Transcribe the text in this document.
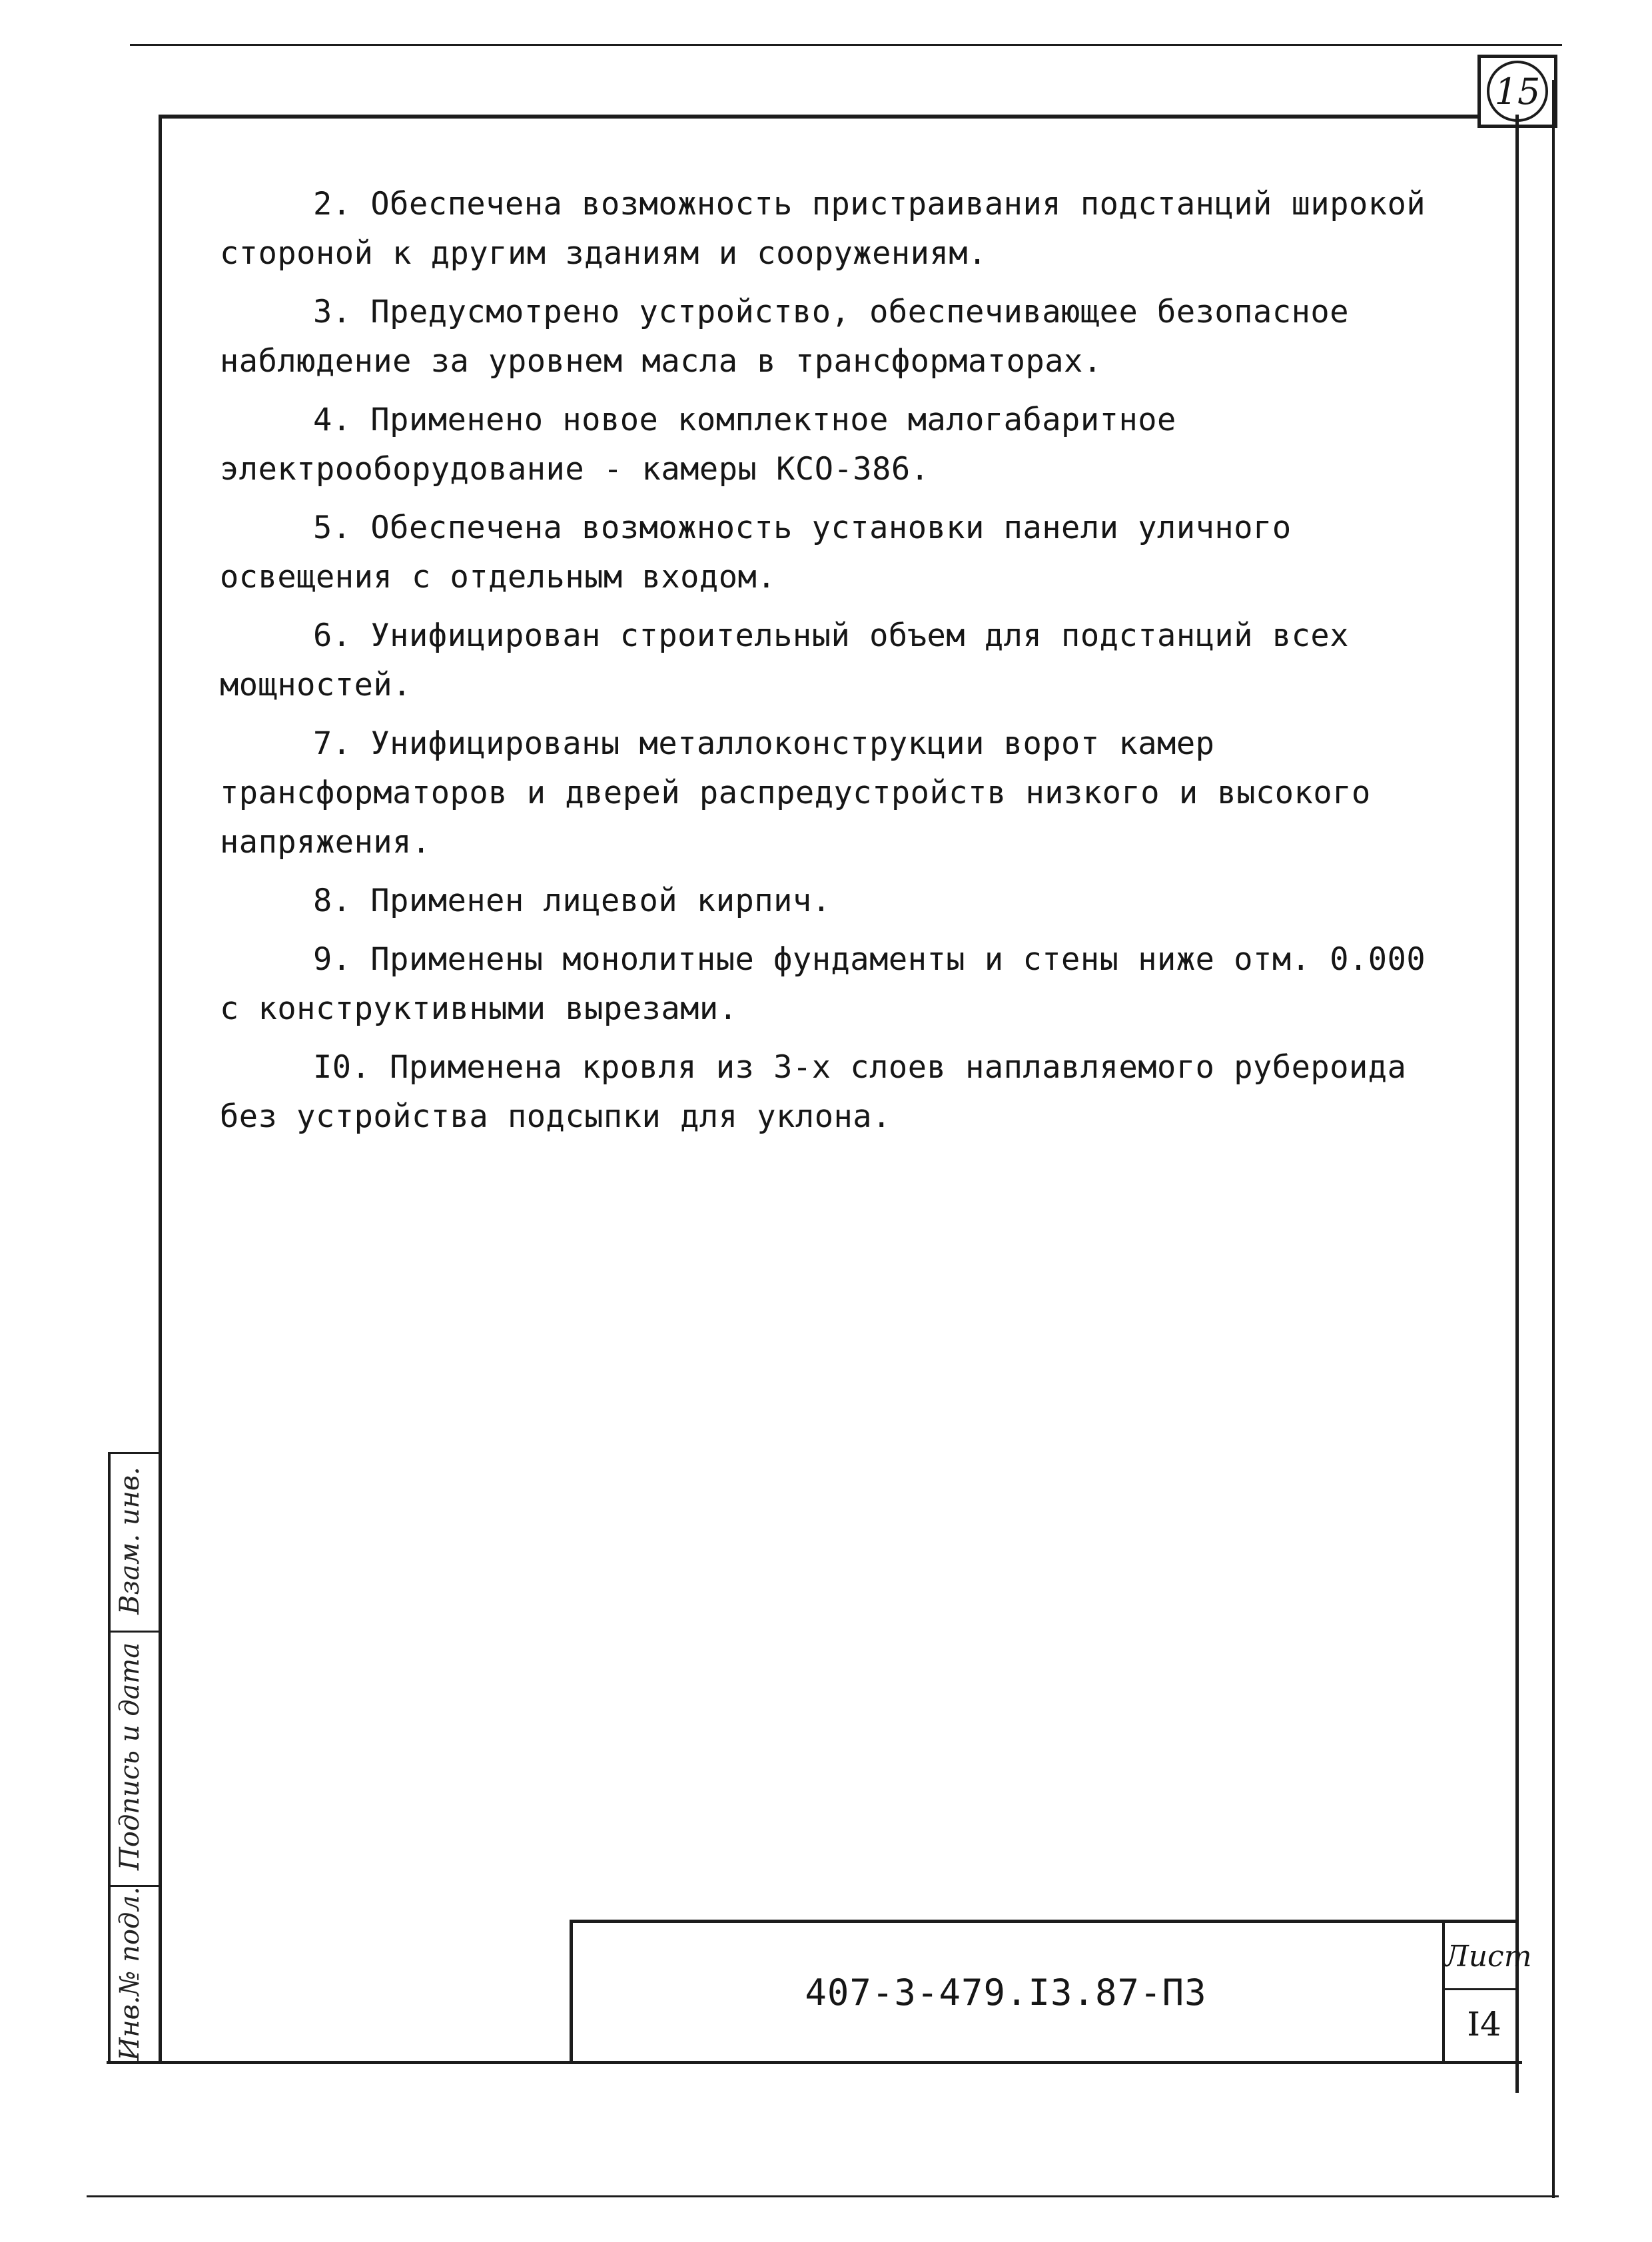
Взам. инв.
Подпись и дата
Инв.№ подл.
15

2. Обеспечена возможность пристраивания подстанций широкой стороной к другим зданиям и сооружениям.

3. Предусмотрено устройство, обеспечивающее безопасное наблюдение за уровнем масла в трансформаторах.

4. Применено новое комплектное малогабаритное электрооборудование - камеры КСО-386.

5. Обеспечена возможность установки панели уличного освещения с отдельным входом.

6. Унифицирован строительный объем для подстанций всех мощностей.

7. Унифицированы металлоконструкции ворот камер трансформаторов и дверей распредустройств низкого и высокого напряжения.

8. Применен лицевой кирпич.

9. Применены монолитные фундаменты и стены ниже отм. 0.000 с конструктивными вырезами.

I0. Применена кровля из 3-х слоев наплавляемого рубероида без устройства подсыпки для уклона.

407-3-479.I3.87-ПЗ
Лист
I4
